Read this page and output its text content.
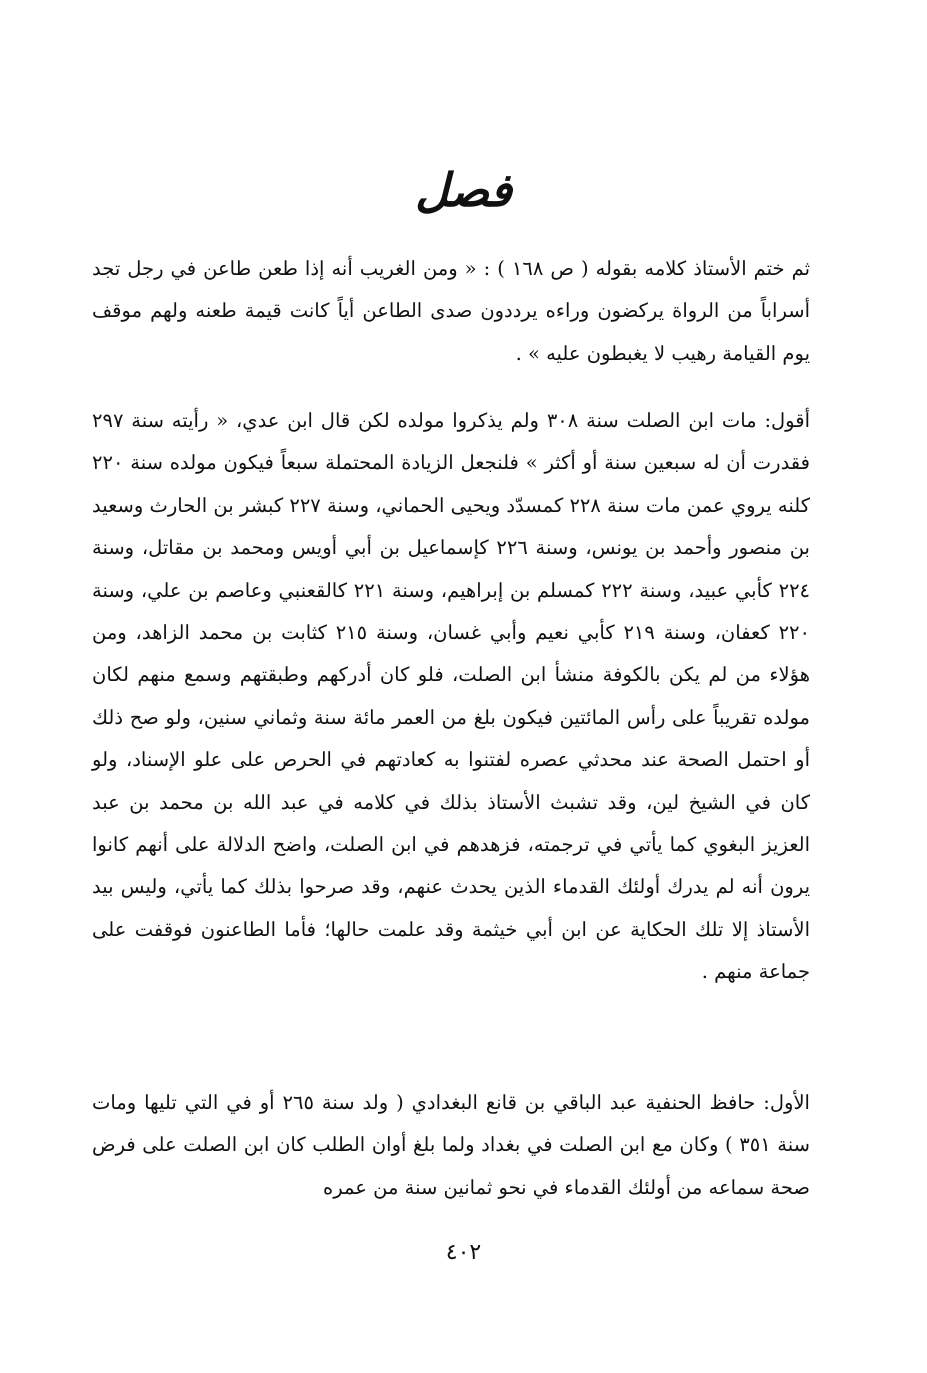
فصل

ثم ختم الأستاذ كلامه بقوله ( ص ١٦٨ ) : « ومن الغريب أنه إذا طعن طاعن في رجل تجد أسراباً من الرواة يركضون وراءه يرددون صدى الطاعن أياً كانت قيمة طعنه ولهم موقف يوم القيامة رهيب لا يغبطون عليه » .

أقول: مات ابن الصلت سنة ٣٠٨ ولم يذكروا مولده لكن قال ابن عدي، « رأيته سنة ٢٩٧ فقدرت أن له سبعين سنة أو أكثر » فلنجعل الزيادة المحتملة سبعاً فيكون مولده سنة ٢٢٠ كلنه يروي عمن مات سنة ٢٢٨ كمسدّد ويحيى الحماني، وسنة ٢٢٧ كبشر بن الحارث وسعيد بن منصور وأحمد بن يونس، وسنة ٢٢٦ كإسماعيل بن أبي أويس ومحمد بن مقاتل، وسنة ٢٢٤ كأبي عبيد، وسنة ٢٢٢ كمسلم بن إبراهيم، وسنة ٢٢١ كالقعنبي وعاصم بن علي، وسنة ٢٢٠ كعفان، وسنة ٢١٩ كأبي نعيم وأبي غسان، وسنة ٢١٥ كثابت بن محمد الزاهد، ومن هؤلاء من لم يكن بالكوفة منشأ ابن الصلت، فلو كان أدركهم وطبقتهم وسمع منهم لكان مولده تقريباً على رأس المائتين فيكون بلغ من العمر مائة سنة وثماني سنين، ولو صح ذلك أو احتمل الصحة عند محدثي عصره لفتنوا به كعادتهم في الحرص على علو الإسناد، ولو كان في الشيخ لين، وقد تشبث الأستاذ بذلك في كلامه في عبد الله بن محمد بن عبد العزيز البغوي كما يأتي في ترجمته، فزهدهم في ابن الصلت، واضح الدلالة على أنهم كانوا يرون أنه لم يدرك أولئك القدماء الذين يحدث عنهم، وقد صرحوا بذلك كما يأتي، وليس بيد الأستاذ إلا تلك الحكاية عن ابن أبي خيثمة وقد علمت حالها؛ فأما الطاعنون فوقفت على جماعة منهم .

الأول: حافظ الحنفية عبد الباقي بن قانع البغدادي ( ولد سنة ٢٦٥ أو في التي تليها ومات سنة ٣٥١ ) وكان مع ابن الصلت في بغداد ولما بلغ أوان الطلب كان ابن الصلت على فرض صحة سماعه من أولئك القدماء في نحو ثمانين سنة من عمره

٤٠٢
